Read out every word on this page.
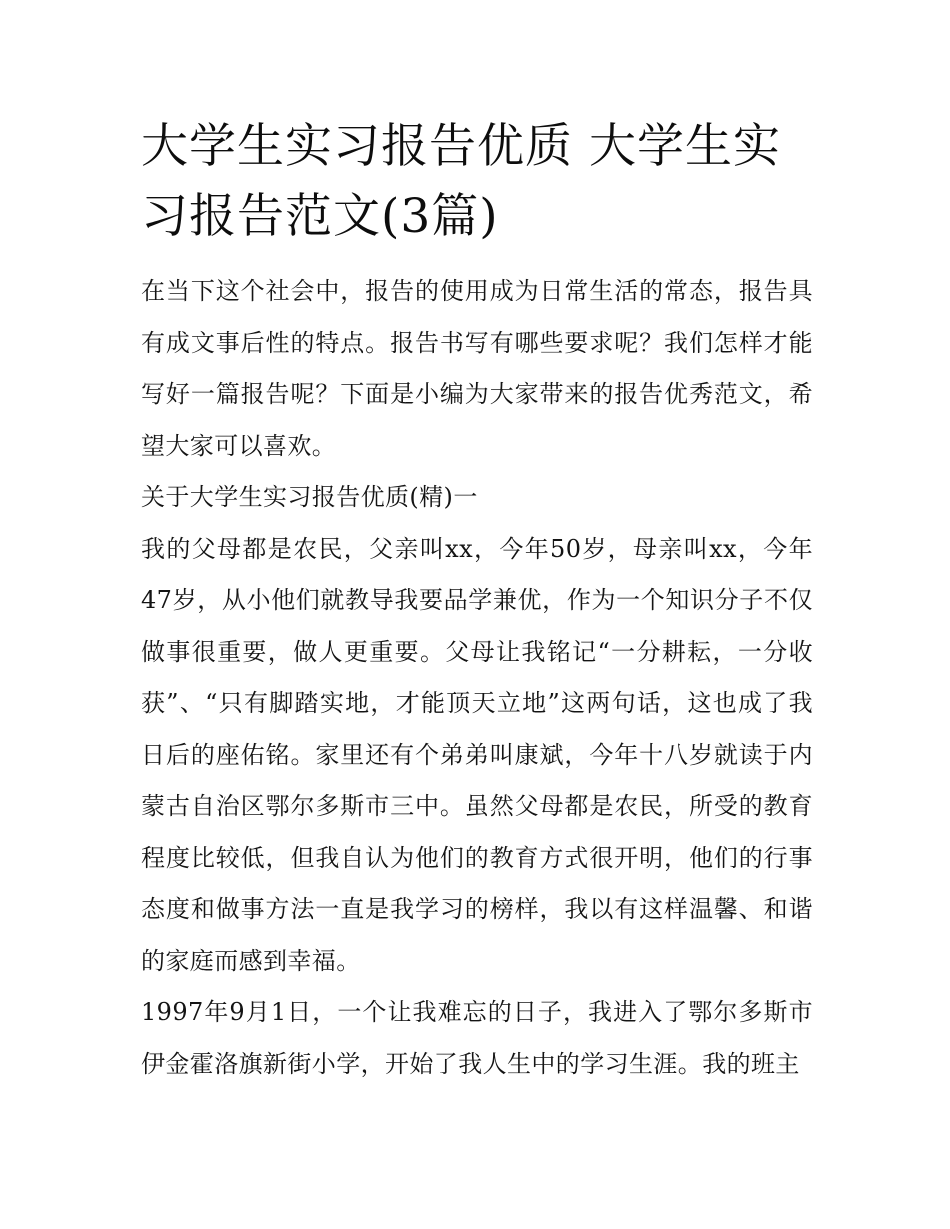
大学生实习报告优质 大学生实习报告范文(3篇)

在当下这个社会中，报告的使用成为日常生活的常态，报告具有成文事后性的特点。报告书写有哪些要求呢？我们怎样才能写好一篇报告呢？下面是小编为大家带来的报告优秀范文，希望大家可以喜欢。

关于大学生实习报告优质(精)一

我的父母都是农民，父亲叫xx，今年50岁，母亲叫xx，今年47岁，从小他们就教导我要品学兼优，作为一个知识分子不仅做事很重要，做人更重要。父母让我铭记“一分耕耘，一分收获”、“只有脚踏实地，才能顶天立地”这两句话，这也成了我日后的座佑铭。家里还有个弟弟叫康斌，今年十八岁就读于内蒙古自治区鄂尔多斯市三中。虽然父母都是农民，所受的教育程度比较低，但我自认为他们的教育方式很开明，他们的行事态度和做事方法一直是我学习的榜样，我以有这样温馨、和谐的家庭而感到幸福。

1997年9月1日，一个让我难忘的日子，我进入了鄂尔多斯市伊金霍洛旗新街小学，开始了我人生中的学习生涯。我的班主
